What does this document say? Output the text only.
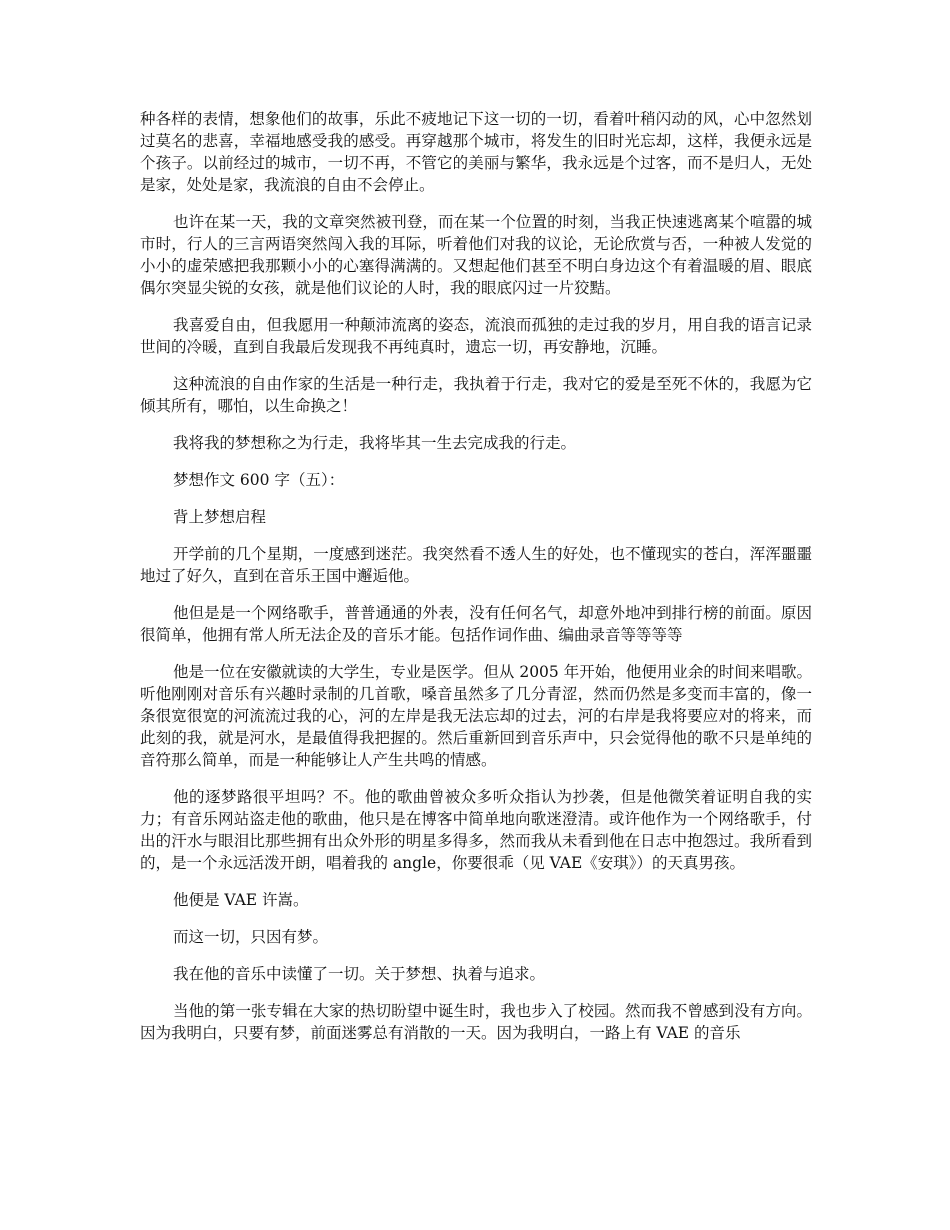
种各样的表情，想象他们的故事，乐此不疲地记下这一切的一切，看着叶稍闪动的风，心中忽然划过莫名的悲喜，幸福地感受我的感受。再穿越那个城市，将发生的旧时光忘却，这样，我便永远是个孩子。以前经过的城市，一切不再，不管它的美丽与繁华，我永远是个过客，而不是归人，无处是家，处处是家，我流浪的自由不会停止。

也许在某一天，我的文章突然被刊登，而在某一个位置的时刻，当我正快速逃离某个喧嚣的城市时，行人的三言两语突然闯入我的耳际，听着他们对我的议论，无论欣赏与否，一种被人发觉的小小的虚荣感把我那颗小小的心塞得满满的。又想起他们甚至不明白身边这个有着温暖的眉、眼底偶尔突显尖锐的女孩，就是他们议论的人时，我的眼底闪过一片狡黠。

我喜爱自由，但我愿用一种颠沛流离的姿态，流浪而孤独的走过我的岁月，用自我的语言记录世间的冷暖，直到自我最后发现我不再纯真时，遗忘一切，再安静地，沉睡。

这种流浪的自由作家的生活是一种行走，我执着于行走，我对它的爱是至死不休的，我愿为它倾其所有，哪怕，以生命换之！

我将我的梦想称之为行走，我将毕其一生去完成我的行走。

梦想作文 600 字（五）：

背上梦想启程

开学前的几个星期，一度感到迷茫。我突然看不透人生的好处，也不懂现实的苍白，浑浑噩噩地过了好久，直到在音乐王国中邂逅他。

他但是是一个网络歌手，普普通通的外表，没有任何名气，却意外地冲到排行榜的前面。原因很简单，他拥有常人所无法企及的音乐才能。包括作词作曲、编曲录音等等等等

他是一位在安徽就读的大学生，专业是医学。但从 2005 年开始，他便用业余的时间来唱歌。听他刚刚对音乐有兴趣时录制的几首歌，嗓音虽然多了几分青涩，然而仍然是多变而丰富的，像一条很宽很宽的河流流过我的心，河的左岸是我无法忘却的过去，河的右岸是我将要应对的将来，而此刻的我，就是河水，是最值得我把握的。然后重新回到音乐声中，只会觉得他的歌不只是单纯的音符那么简单，而是一种能够让人产生共鸣的情感。

他的逐梦路很平坦吗？不。他的歌曲曾被众多听众指认为抄袭，但是他微笑着证明自我的实力；有音乐网站盗走他的歌曲，他只是在博客中简单地向歌迷澄清。或许他作为一个网络歌手，付出的汗水与眼泪比那些拥有出众外形的明星多得多，然而我从未看到他在日志中抱怨过。我所看到的，是一个永远活泼开朗，唱着我的 angle，你要很乖（见 VAE《安琪》）的天真男孩。

他便是 VAE 许嵩。

而这一切，只因有梦。

我在他的音乐中读懂了一切。关于梦想、执着与追求。

当他的第一张专辑在大家的热切盼望中诞生时，我也步入了校园。然而我不曾感到没有方向。因为我明白，只要有梦，前面迷雾总有消散的一天。因为我明白，一路上有 VAE 的音乐
